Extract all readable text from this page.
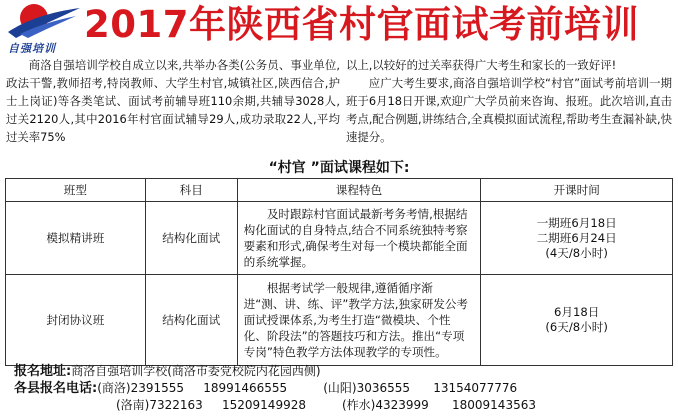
自强培训
2017年陕西省村官面试考前培训
商洛自强培训学校自成立以来,共举办各类(公务员、事业单位,政法干警,教师招考,特岗教师、大学生村官,城镇社区,陕西信合,护士上岗证)等各类笔试、面试考前辅导班110余期,共辅导3028人,过关2120人,其中2016年村官面试辅导29人,成功录取22人,平均过关率75%
以上,以较好的过关率获得广大考生和家长的一致好评!
应广大考生要求,商洛自强培训学校“村官”面试考前培训一期班于6月18日开课,欢迎广大学员前来咨询、报班。此次培训,直击考点,配合例题,讲练结合,全真模拟面试流程,帮助考生查漏补缺,快速提分。
“村官 ”面试课程如下:
班型	科目	课程特色	开课时间
模拟精讲班	结构化面试	及时跟踪村官面试最新考务考情,根据结构化面试的自身特点,结合不同系统独特考察要素和形式,确保考生对每一个模块都能全面的系统掌握。	一期班6月18日
二期班6月24日
(4天/8小时)

封闭协议班	结构化面试	根据考试学一般规律,遵循循序渐进“测、讲、练、评”教学方法,独家研发公考面试授课体系,为考生打造“微模块、个性化、阶段法”的答题技巧和方法。推出“专项专岗”特色教学方法体现教学的专项性。	6月18日
(6天/8小时)
报名地址:商洛自强培训学校(商洛市委党校院内花园西侧)
各县报名电话:(商洛)2391555 18991466555	(山阳)3036555 13154077776
(洛南)7322163 15209149928	(柞水)4323999 18009143563
